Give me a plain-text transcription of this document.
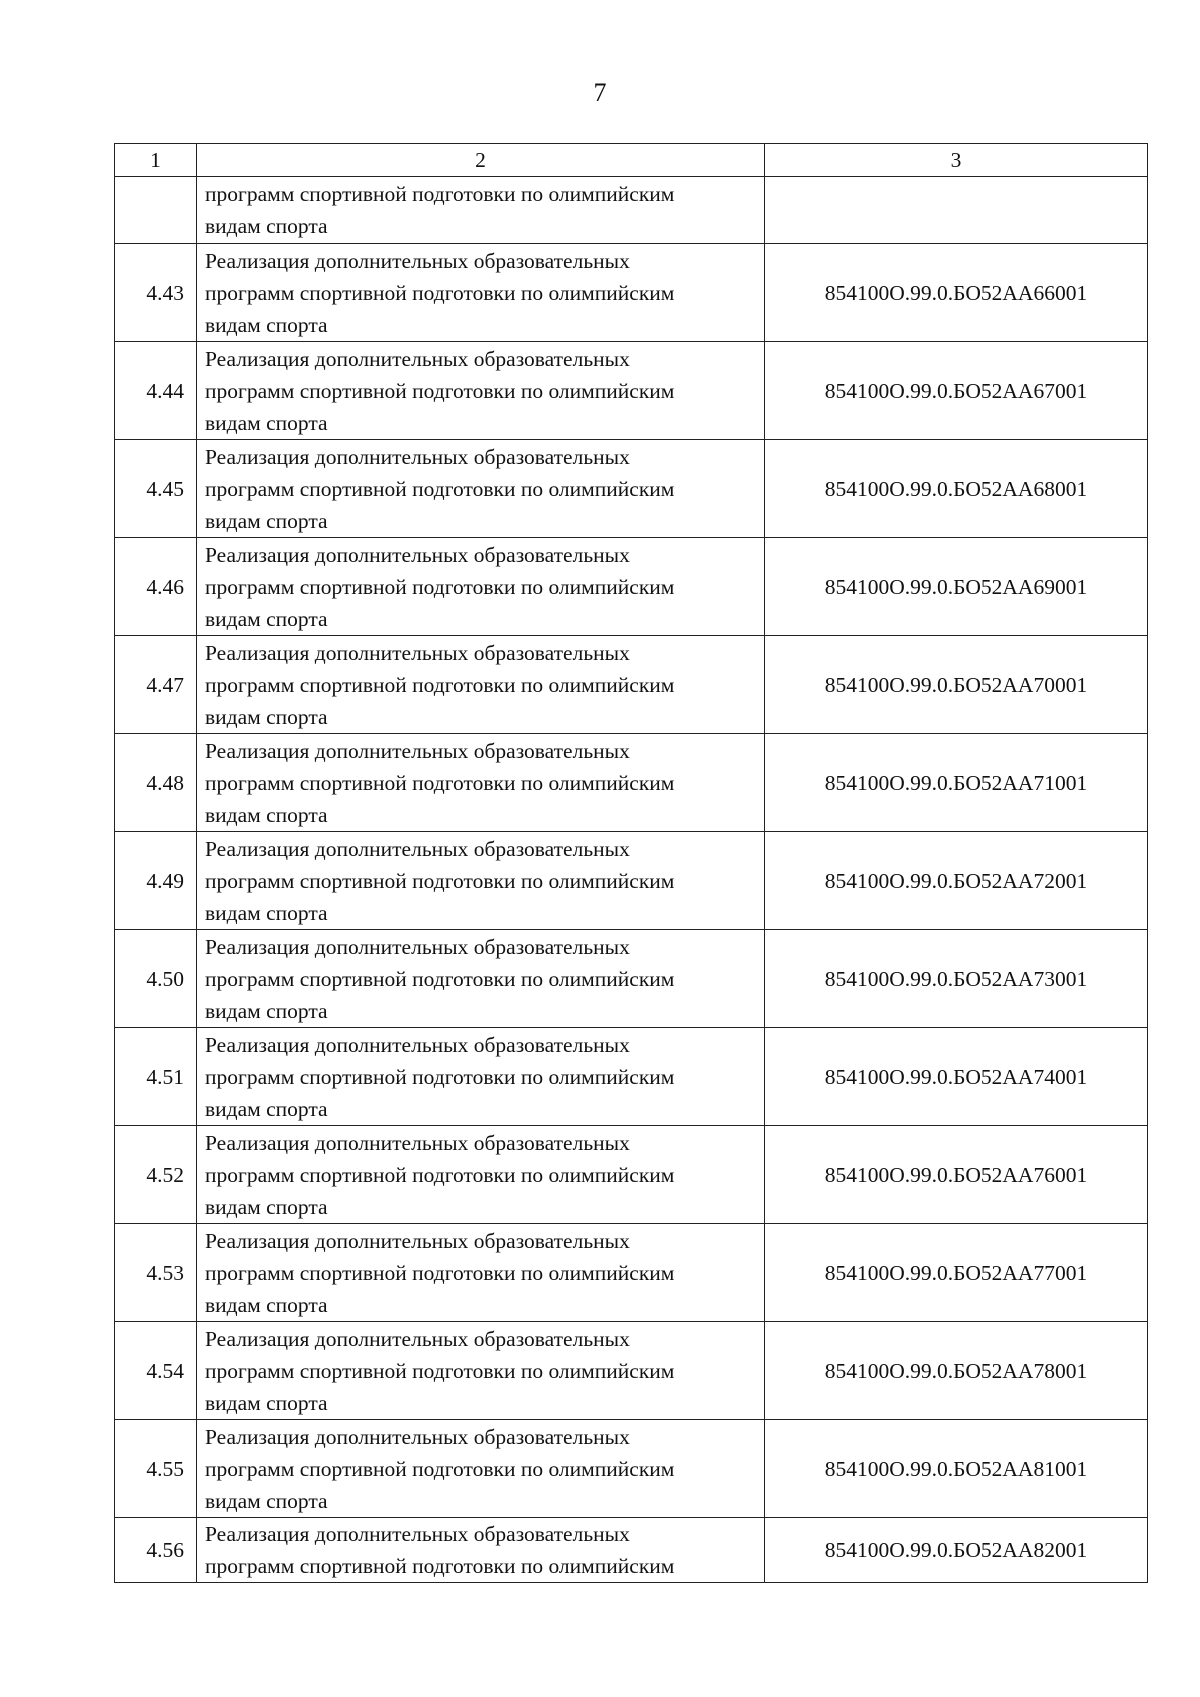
7
1	2	3

	программ спортивной подготовки по олимпийским
видам спорта	

4.43	Реализация дополнительных образовательных
программ спортивной подготовки по олимпийским
видам спорта	854100О.99.0.БО52АА66001
4.44	Реализация дополнительных образовательных
программ спортивной подготовки по олимпийским
видам спорта	854100О.99.0.БО52АА67001
4.45	Реализация дополнительных образовательных
программ спортивной подготовки по олимпийским
видам спорта	854100О.99.0.БО52АА68001
4.46	Реализация дополнительных образовательных
программ спортивной подготовки по олимпийским
видам спорта	854100О.99.0.БО52АА69001
4.47	Реализация дополнительных образовательных
программ спортивной подготовки по олимпийским
видам спорта	854100О.99.0.БО52АА70001
4.48	Реализация дополнительных образовательных
программ спортивной подготовки по олимпийским
видам спорта	854100О.99.0.БО52АА71001
4.49	Реализация дополнительных образовательных
программ спортивной подготовки по олимпийским
видам спорта	854100О.99.0.БО52АА72001
4.50	Реализация дополнительных образовательных
программ спортивной подготовки по олимпийским
видам спорта	854100О.99.0.БО52АА73001
4.51	Реализация дополнительных образовательных
программ спортивной подготовки по олимпийским
видам спорта	854100О.99.0.БО52АА74001
4.52	Реализация дополнительных образовательных
программ спортивной подготовки по олимпийским
видам спорта	854100О.99.0.БО52АА76001
4.53	Реализация дополнительных образовательных
программ спортивной подготовки по олимпийским
видам спорта	854100О.99.0.БО52АА77001
4.54	Реализация дополнительных образовательных
программ спортивной подготовки по олимпийским
видам спорта	854100О.99.0.БО52АА78001
4.55	Реализация дополнительных образовательных
программ спортивной подготовки по олимпийским
видам спорта	854100О.99.0.БО52АА81001
4.56	Реализация дополнительных образовательных
программ спортивной подготовки по олимпийским	854100О.99.0.БО52АА82001
